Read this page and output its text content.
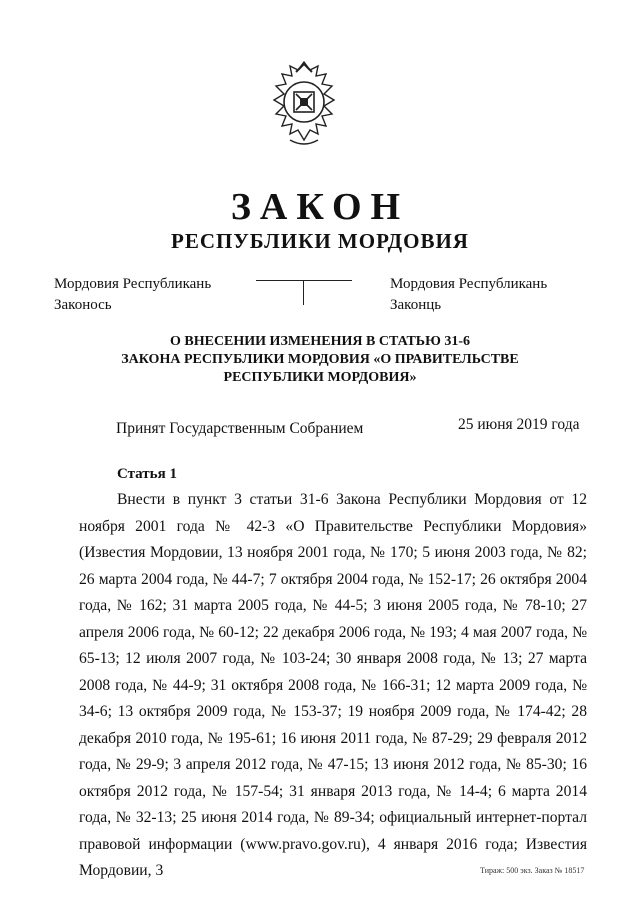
ЗАКОН
РЕСПУБЛИКИ МОРДОВИЯ
Мордовия Республикань
Законось
Мордовия Республикань
Законць
О ВНЕСЕНИИ ИЗМЕНЕНИЯ В СТАТЬЮ 31-6
ЗАКОНА РЕСПУБЛИКИ МОРДОВИЯ «О ПРАВИТЕЛЬСТВЕ
РЕСПУБЛИКИ МОРДОВИЯ»
Принят Государственным Собранием	25 июня 2019 года
Статья 1

Внести в пункт 3 статьи 31-6 Закона Республики Мордовия от 12 ноября 2001 года № 42-З «О Правительстве Республики Мордовия» (Известия Мордовии, 13 ноября 2001 года, № 170; 5 июня 2003 года, № 82; 26 марта 2004 года, № 44-7; 7 октября 2004 года, № 152-17; 26 октября 2004 года, № 162; 31 марта 2005 года, № 44-5; 3 июня 2005 года, № 78-10; 27 апреля 2006 года, № 60-12; 22 декабря 2006 года, № 193; 4 мая 2007 года, № 65-13; 12 июля 2007 года, № 103-24; 30 января 2008 года, № 13; 27 марта 2008 года, № 44-9; 31 октября 2008 года, № 166-31; 12 марта 2009 года, № 34-6; 13 октября 2009 года, № 153-37; 19 ноября 2009 года, № 174-42; 28 декабря 2010 года, № 195-61; 16 июня 2011 года, № 87-29; 29 февраля 2012 года, № 29-9; 3 апреля 2012 года, № 47-15; 13 июня 2012 года, № 85-30; 16 октября 2012 года, № 157-54; 31 января 2013 года, № 14-4; 6 марта 2014 года, № 32-13; 25 июня 2014 года, № 89-34; официальный интернет-портал правовой информации (www.pravo.gov.ru), 4 января 2016 года; Известия Мордовии, 3	Тираж: 500 экз. Заказ № 18517
